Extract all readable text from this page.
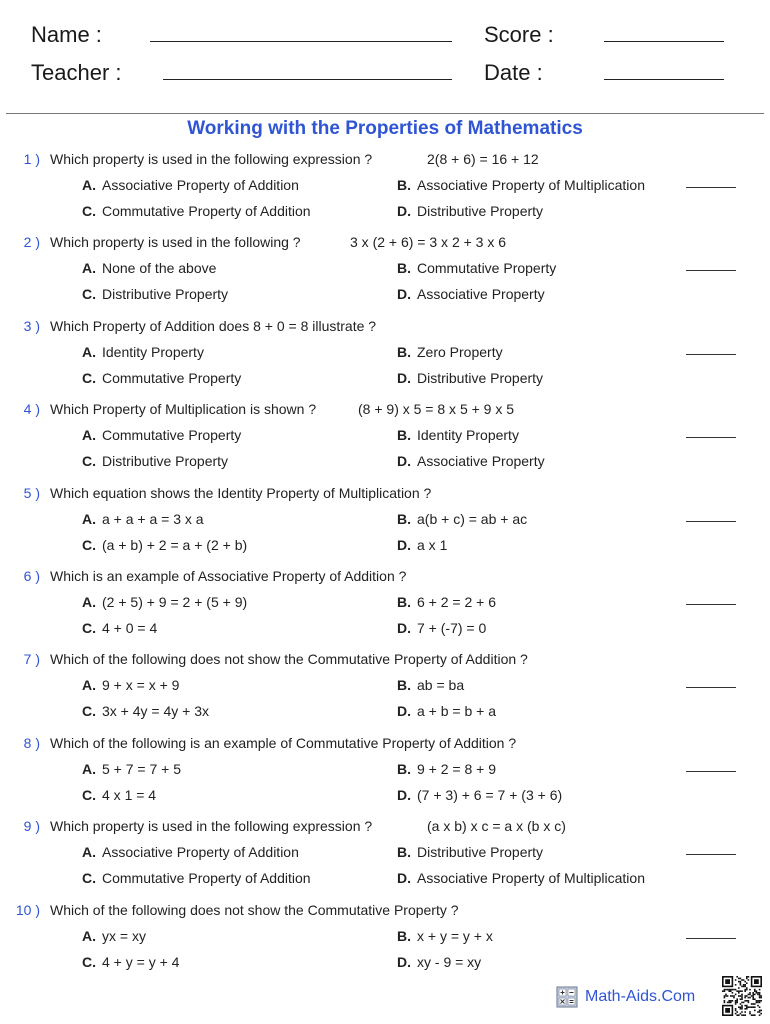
Name :
Teacher :
Score :
Date :
Working with the Properties of Mathematics
1 ) Which property is used in the following expression ?	2(8 + 6) = 16 + 12
A. Associative Property of Addition	B. Associative Property of Multiplication
C. Commutative Property of Addition	D. Distributive Property
2 ) Which property is used in the following ?	3 x (2 + 6) = 3 x 2 + 3 x 6
A. None of the above	B. Commutative Property
C. Distributive Property	D. Associative Property
3 ) Which Property of Addition does 8 + 0 = 8 illustrate ?
A. Identity Property	B. Zero Property
C. Commutative Property	D. Distributive Property
4 ) Which Property of Multiplication is shown ?	(8 + 9) x 5 = 8 x 5 + 9 x 5
A. Commutative Property	B. Identity Property
C. Distributive Property	D. Associative Property
5 ) Which equation shows the Identity Property of Multiplication ?
A. a + a + a = 3 x a	B. a(b + c) = ab + ac
C. (a + b) + 2 = a + (2 + b)	D. a x 1
6 ) Which is an example of Associative Property of Addition ?
A. (2 + 5) + 9 = 2 + (5 + 9)	B. 6 + 2 = 2 + 6
C. 4 + 0 = 4	D. 7 + (-7) = 0
7 ) Which of the following does not show the Commutative Property of Addition ?
A. 9 + x = x + 9	B. ab = ba
C. 3x + 4y = 4y + 3x	D. a + b = b + a
8 ) Which of the following is an example of Commutative Property of Addition ?
A. 5 + 7 = 7 + 5	B. 9 + 2 = 8 + 9
C. 4 x 1 = 4	D. (7 + 3) + 6 = 7 + (3 + 6)
9 ) Which property is used in the following expression ?	(a x b) x c = a x (b x c)
A. Associative Property of Addition	B. Distributive Property
C. Commutative Property of Addition	D. Associative Property of Multiplication
10 ) Which of the following does not show the Commutative Property ?
A. yx = xy	B. x + y = y + x
C. 4 + y = y + 4	D. xy - 9 = xy
Math-Aids.Com
